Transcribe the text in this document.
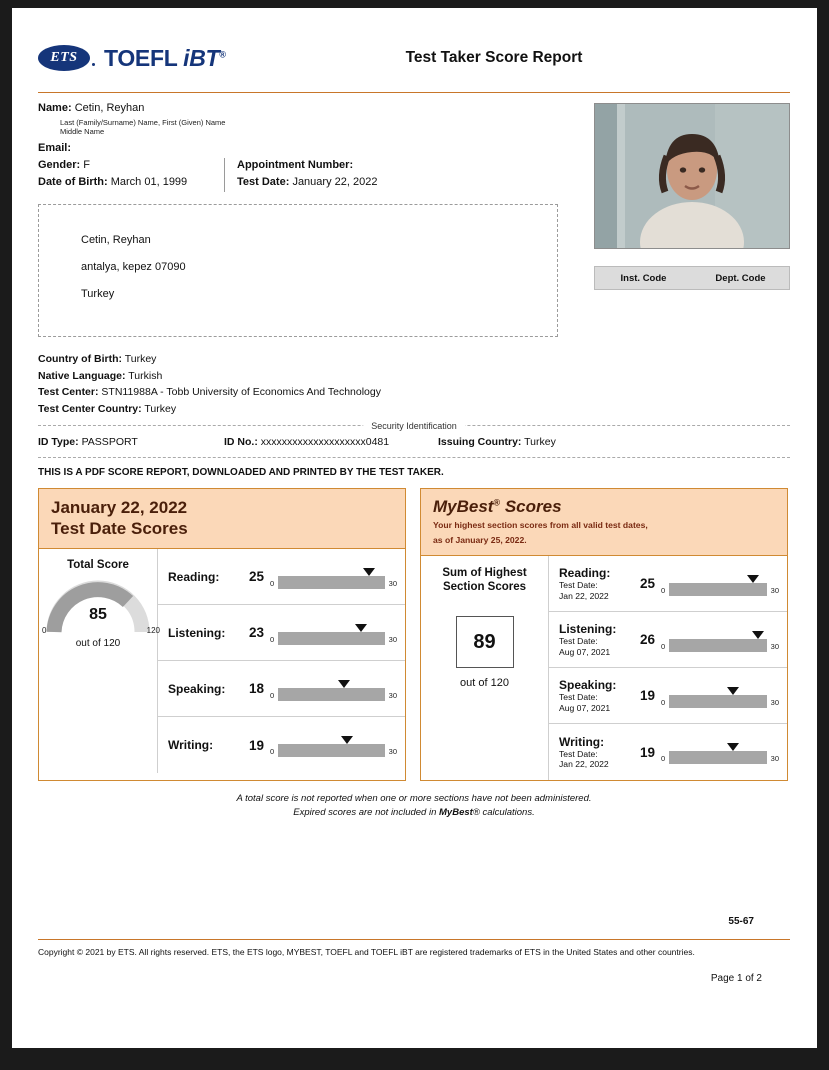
ETS	TOEFL iBT®	Test Taker Score Report
Inst. Code	Dept. Code
Name: Cetin, Reyhan
Last (Family/Surname) Name, First (Given) Name Middle Name
Email:
Gender: F
Date of Birth: March 01, 1999
Appointment Number:
Test Date: January 22, 2022
Cetin, Reyhan
antalya, kepez 07090
Turkey
Country of Birth: Turkey
Native Language: Turkish
Test Center: STN11988A - Tobb University of Economics And Technology
Test Center Country: Turkey
Security Identification
ID Type: PASSPORT	ID No.: xxxxxxxxxxxxxxxxxxxx0481	Issuing Country: Turkey
THIS IS A PDF SCORE REPORT, DOWNLOADED AND PRINTED BY THE TEST TAKER.
January 22, 2022
Test Date Scores
Total Score
85
0	120
out of 120
Reading:	25 0	30
Listening:	23 0	30
Speaking:	18 0	30
Writing:	19 0	30
MyBest® Scores
Your highest section scores from all valid test dates,
as of January 25, 2022.
Sum of Highest
Section Scores
89
out of 120
Reading:
Test Date:
Jan 22, 2022
25 0	30
Listening:
Test Date:
Aug 07, 2021
26 0	30
Speaking:
Test Date:
Aug 07, 2021
19 0	30
Writing:
Test Date:
Jan 22, 2022
19 0	30
A total score is not reported when one or more sections have not been administered.
Expired scores are not included in MyBest® calculations.
55-67
Copyright © 2021 by ETS. All rights reserved. ETS, the ETS logo, MYBEST, TOEFL and TOEFL iBT are registered trademarks of ETS in the United States and other countries.
Page 1 of 2
